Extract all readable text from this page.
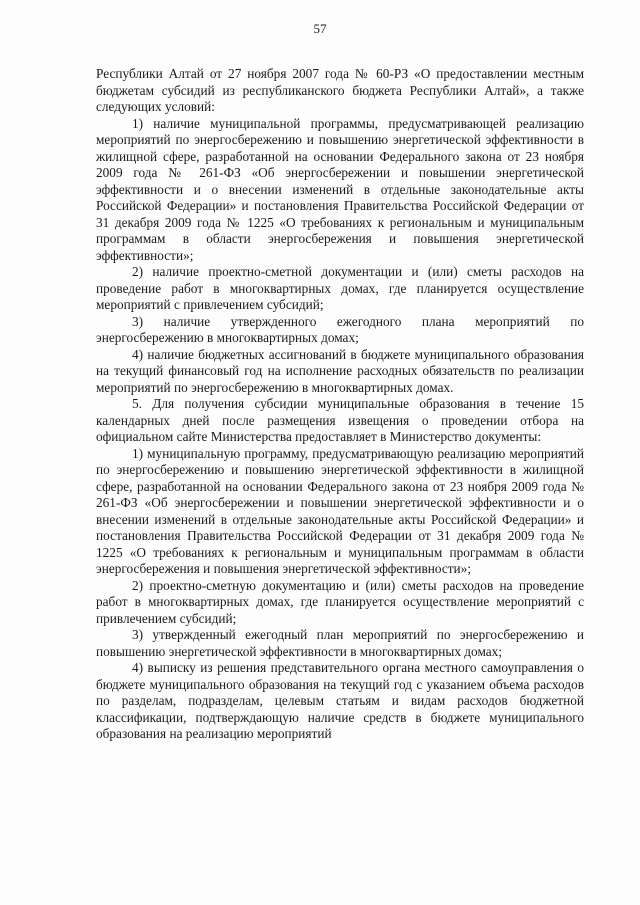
57

Республики Алтай от 27 ноября 2007 года № 60-РЗ «О предоставлении местным бюджетам субсидий из республиканского бюджета Республики Алтай», а также следующих условий:

1) наличие муниципальной программы, предусматривающей реализацию мероприятий по энергосбережению и повышению энергетической эффективности в жилищной сфере, разработанной на основании Федерального закона от 23 ноября 2009 года № 261-ФЗ «Об энергосбережении и повышении энергетической эффективности и о внесении изменений в отдельные законодательные акты Российской Федерации» и постановления Правительства Российской Федерации от 31 декабря 2009 года № 1225 «О требованиях к региональным и муниципальным программам в области энергосбережения и повышения энергетической эффективности»;

2) наличие проектно-сметной документации и (или) сметы расходов на проведение работ в многоквартирных домах, где планируется осуществление мероприятий с привлечением субсидий;

3) наличие утвержденного ежегодного плана мероприятий по энергосбережению в многоквартирных домах;

4) наличие бюджетных ассигнований в бюджете муниципального образования на текущий финансовый год на исполнение расходных обязательств по реализации мероприятий по энергосбережению в многоквартирных домах.

5. Для получения субсидии муниципальные образования в течение 15 календарных дней после размещения извещения о проведении отбора на официальном сайте Министерства предоставляет в Министерство документы:

1) муниципальную программу, предусматривающую реализацию мероприятий по энергосбережению и повышению энергетической эффективности в жилищной сфере, разработанной на основании Федерального закона от 23 ноября 2009 года № 261-ФЗ «Об энергосбережении и повышении энергетической эффективности и о внесении изменений в отдельные законодательные акты Российской Федерации» и постановления Правительства Российской Федерации от 31 декабря 2009 года № 1225 «О требованиях к региональным и муниципальным программам в области энергосбережения и повышения энергетической эффективности»;

2) проектно-сметную документацию и (или) сметы расходов на проведение работ в многоквартирных домах, где планируется осуществление мероприятий с привлечением субсидий;

3) утвержденный ежегодный план мероприятий по энергосбережению и повышению энергетической эффективности в многоквартирных домах;

4) выписку из решения представительного органа местного самоуправления о бюджете муниципального образования на текущий год с указанием объема расходов по разделам, подразделам, целевым статьям и видам расходов бюджетной классификации, подтверждающую наличие средств в бюджете муниципального образования на реализацию мероприятий
